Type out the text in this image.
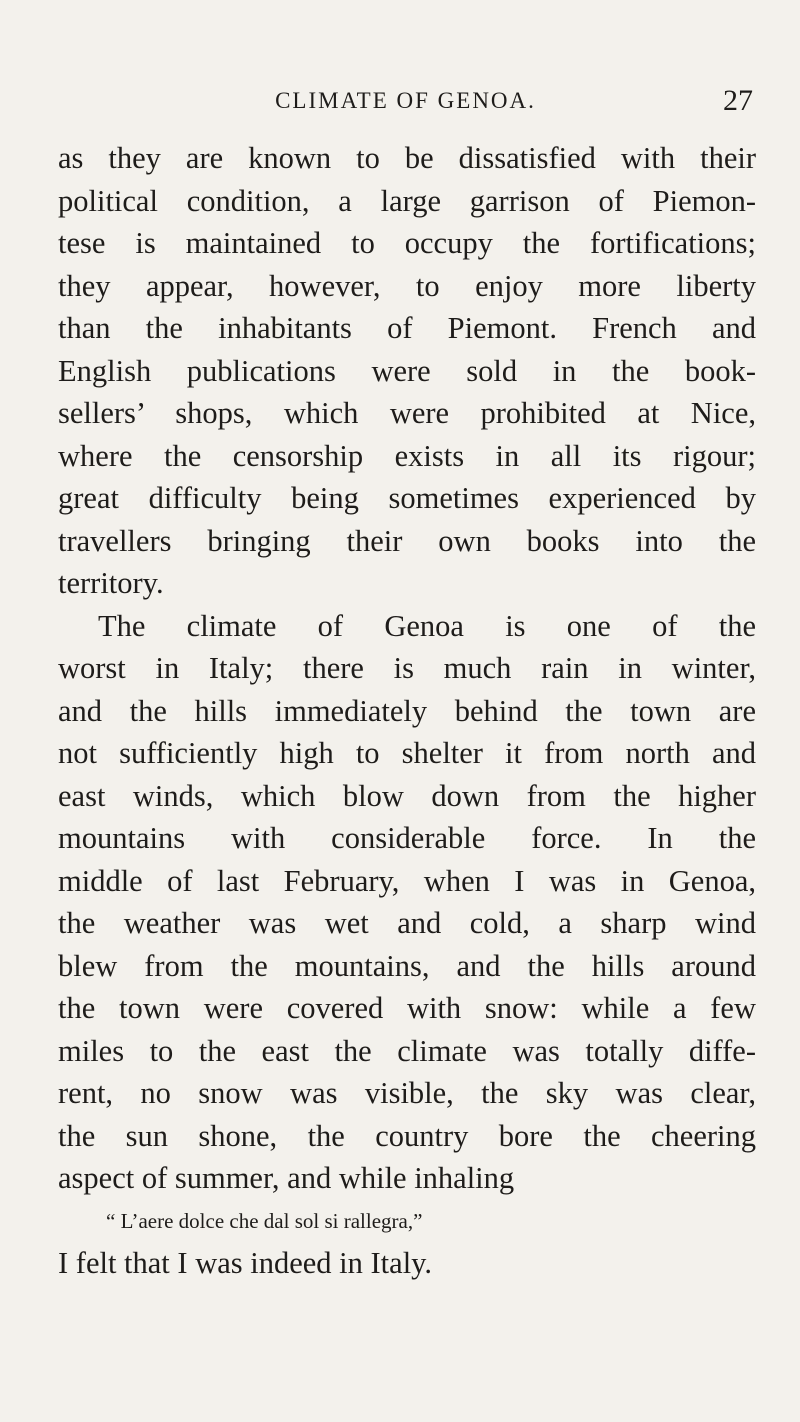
CLIMATE OF GENOA.	27
as they are known to be dissatisfied with their
political condition, a large garrison of Piemon-
tese is maintained to occupy the fortifications;
they appear, however, to enjoy more liberty
than the inhabitants of Piemont. French and
English publications were sold in the book-
sellers’ shops, which were prohibited at Nice,
where the censorship exists in all its rigour;
great difficulty being sometimes experienced by
travellers bringing their own books into the
territory.
The climate of Genoa is one of the
worst in Italy; there is much rain in winter,
and the hills immediately behind the town are
not sufficiently high to shelter it from north and
east winds, which blow down from the higher
mountains with considerable force. In the
middle of last February, when I was in Genoa,
the weather was wet and cold, a sharp wind
blew from the mountains, and the hills around
the town were covered with snow: while a few
miles to the east the climate was totally diffe-
rent, no snow was visible, the sky was clear,
the sun shone, the country bore the cheering
aspect of summer, and while inhaling
“ L’aere dolce che dal sol si rallegra,”
I felt that I was indeed in Italy.
